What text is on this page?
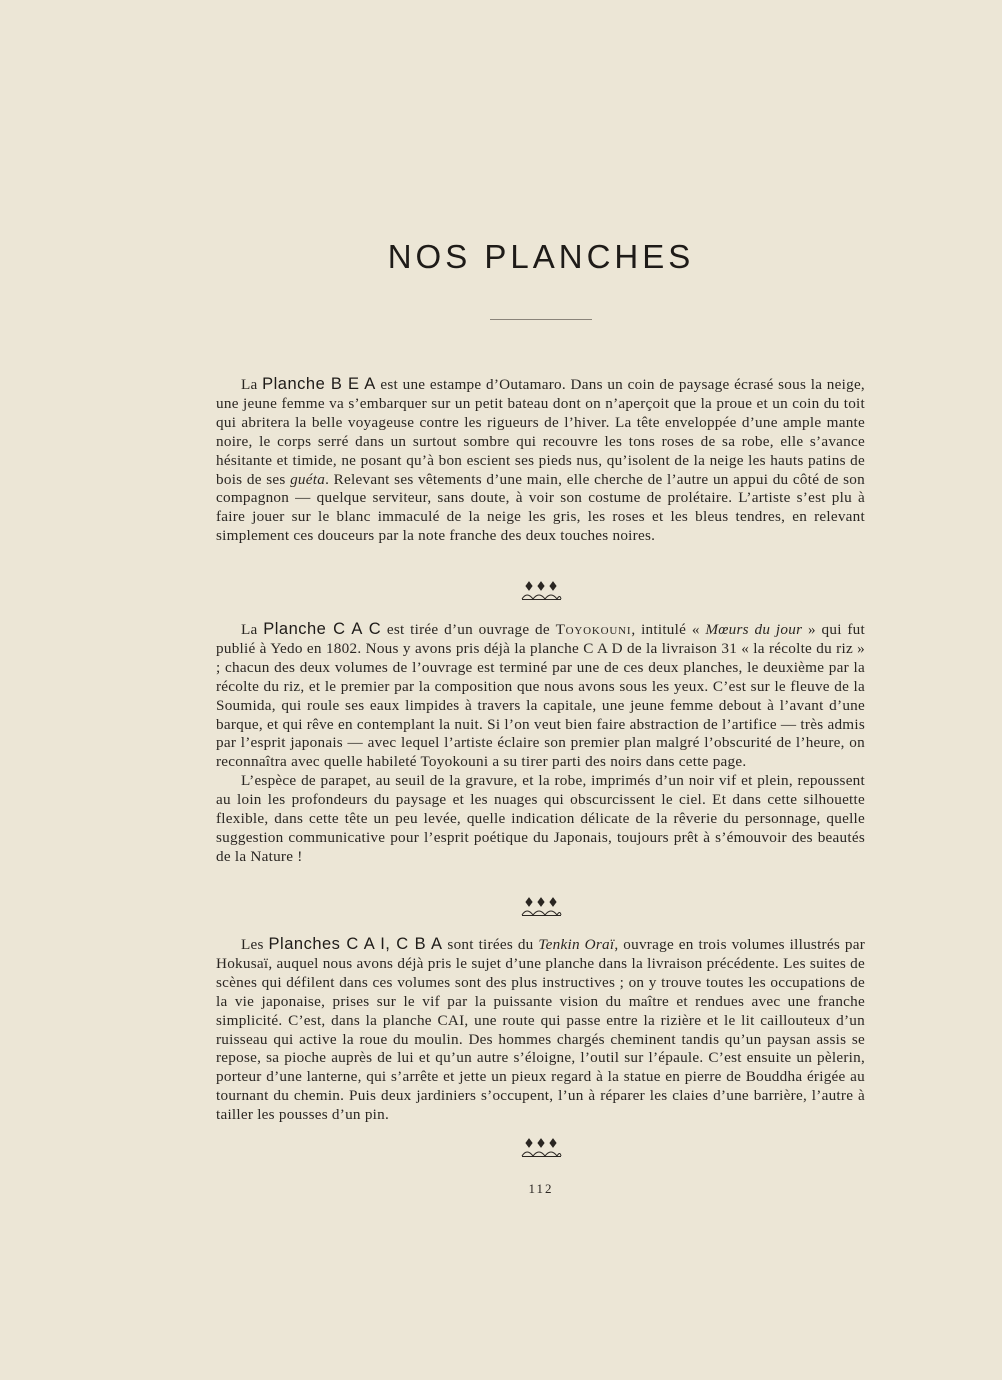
NOS PLANCHES

La Planche B E A est une estampe d’Outamaro. Dans un coin de paysage écrasé sous la neige, une jeune femme va s’embarquer sur un petit bateau dont on n’aperçoit que la proue et un coin du toit qui abritera la belle voyageuse contre les rigueurs de l’hiver. La tête enveloppée d’une ample mante noire, le corps serré dans un surtout sombre qui recouvre les tons roses de sa robe, elle s’avance hésitante et timide, ne posant qu’à bon escient ses pieds nus, qu’isolent de la neige les hauts patins de bois de ses guéta. Relevant ses vêtements d’une main, elle cherche de l’autre un appui du côté de son compagnon — quelque serviteur, sans doute, à voir son costume de prolétaire. L’artiste s’est plu à faire jouer sur le blanc immaculé de la neige les gris, les roses et les bleus tendres, en relevant simplement ces douceurs par la note franche des deux touches noires.

La Planche C A C est tirée d’un ouvrage de Toyokouni, intitulé « Mœurs du jour » qui fut publié à Yedo en 1802. Nous y avons pris déjà la planche C A D de la livraison 31 « la récolte du riz » ; chacun des deux volumes de l’ouvrage est terminé par une de ces deux planches, le deuxième par la récolte du riz, et le premier par la composition que nous avons sous les yeux. C’est sur le fleuve de la Soumida, qui roule ses eaux limpides à travers la capitale, une jeune femme debout à l’avant d’une barque, et qui rêve en contemplant la nuit. Si l’on veut bien faire abstraction de l’artifice — très admis par l’esprit japonais — avec lequel l’artiste éclaire son premier plan malgré l’obscurité de l’heure, on reconnaîtra avec quelle habileté Toyokouni a su tirer parti des noirs dans cette page.

L’espèce de parapet, au seuil de la gravure, et la robe, imprimés d’un noir vif et plein, repoussent au loin les profondeurs du paysage et les nuages qui obscurcissent le ciel. Et dans cette silhouette flexible, dans cette tête un peu levée, quelle indication délicate de la rêverie du personnage, quelle suggestion communicative pour l’esprit poétique du Japonais, toujours prêt à s’émouvoir des beautés de la Nature !

Les Planches C A I, C B A sont tirées du Tenkin Oraï, ouvrage en trois volumes illustrés par Hokusaï, auquel nous avons déjà pris le sujet d’une planche dans la livraison précédente. Les suites de scènes qui défilent dans ces volumes sont des plus instructives ; on y trouve toutes les occupations de la vie japonaise, prises sur le vif par la puissante vision du maître et rendues avec une franche simplicité. C’est, dans la planche CAI, une route qui passe entre la rizière et le lit caillouteux d’un ruisseau qui active la roue du moulin. Des hommes chargés cheminent tandis qu’un paysan assis se repose, sa pioche auprès de lui et qu’un autre s’éloigne, l’outil sur l’épaule. C’est ensuite un pèlerin, porteur d’une lanterne, qui s’arrête et jette un pieux regard à la statue en pierre de Bouddha érigée au tournant du chemin. Puis deux jardiniers s’occupent, l’un à réparer les claies d’une barrière, l’autre à tailler les pousses d’un pin.

112
